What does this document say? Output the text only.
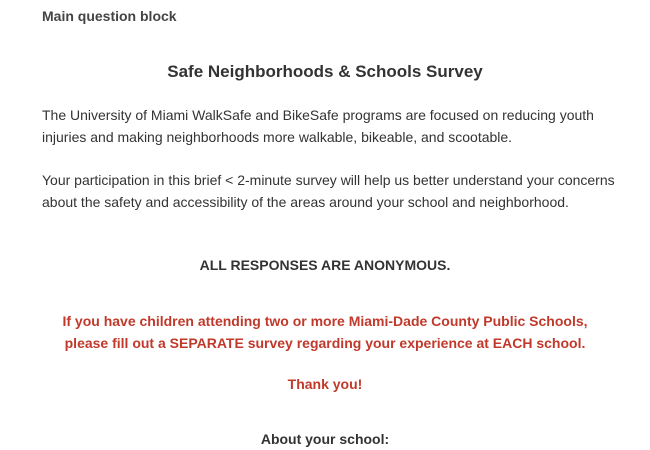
Main question block
Safe Neighborhoods & Schools Survey
The University of Miami WalkSafe and BikeSafe programs are focused on reducing youth injuries and making neighborhoods more walkable, bikeable, and scootable.
Your participation in this brief < 2-minute survey will help us better understand your concerns about the safety and accessibility of the areas around your school and neighborhood.
ALL RESPONSES ARE ANONYMOUS.
If you have children attending two or more Miami-Dade County Public Schools,
please fill out a SEPARATE survey regarding your experience at EACH school.
Thank you!
About your school:
